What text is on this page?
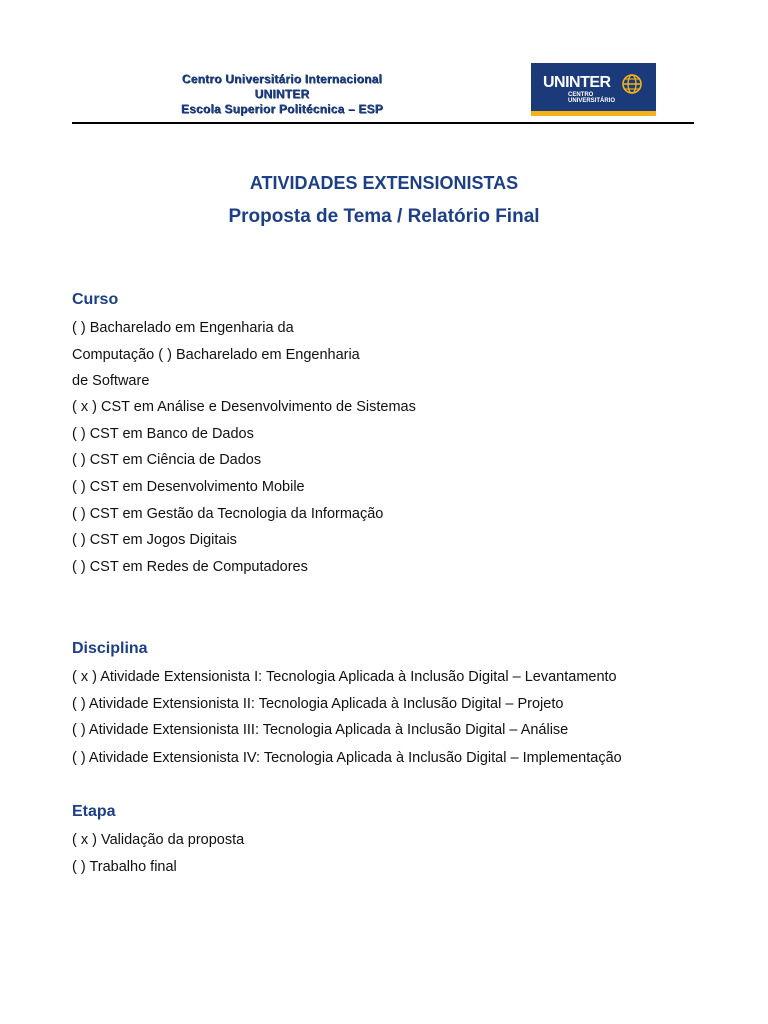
Centro Universitário Internacional
UNINTER
Escola Superior Politécnica – ESP
UNINTER
CENTRO
UNIVERSITÁRIO
ATIVIDADES EXTENSIONISTAS
Proposta de Tema / Relatório Final
Curso
( ) Bacharelado em Engenharia da
Computação ( ) Bacharelado em Engenharia
de Software
( x ) CST em Análise e Desenvolvimento de Sistemas
( ) CST em Banco de Dados
( ) CST em Ciência de Dados
( ) CST em Desenvolvimento Mobile
( ) CST em Gestão da Tecnologia da Informação
( ) CST em Jogos Digitais
( ) CST em Redes de Computadores
Disciplina
( x ) Atividade Extensionista I: Tecnologia Aplicada à Inclusão Digital – Levantamento
( ) Atividade Extensionista II: Tecnologia Aplicada à Inclusão Digital – Projeto
( ) Atividade Extensionista III: Tecnologia Aplicada à Inclusão Digital – Análise
( ) Atividade Extensionista IV: Tecnologia Aplicada à Inclusão Digital – Implementação
Etapa
( x ) Validação da proposta
( ) Trabalho final
